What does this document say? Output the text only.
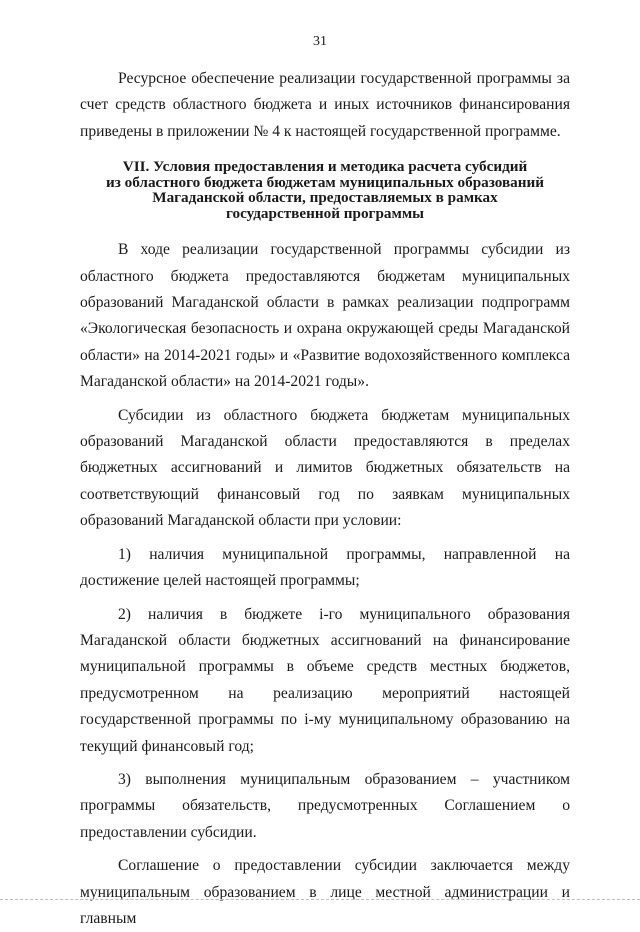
31

Ресурсное обеспечение реализации государственной программы за счет средств областного бюджета и иных источников финансирования приведены в приложении № 4 к настоящей государственной программе.

VII. Условия предоставления и методика расчета субсидий
из областного бюджета бюджетам муниципальных образований
Магаданской области, предоставляемых в рамках
государственной программы

В ходе реализации государственной программы субсидии из областного бюджета предоставляются бюджетам муниципальных образований Магаданской области в рамках реализации подпрограмм «Экологическая безопасность и охрана окружающей среды Магаданской области» на 2014-2021 годы» и «Развитие водохозяйственного комплекса Магаданской области» на 2014-2021 годы».

Субсидии из областного бюджета бюджетам муниципальных образований Магаданской области предоставляются в пределах бюджетных ассигнований и лимитов бюджетных обязательств на соответствующий финансовый год по заявкам муниципальных образований Магаданской области при условии:

1) наличия муниципальной программы, направленной на достижение целей настоящей программы;

2) наличия в бюджете i-го муниципального образования Магаданской области бюджетных ассигнований на финансирование муниципальной программы в объеме средств местных бюджетов, предусмотренном на реализацию мероприятий настоящей государственной программы по i-му муниципальному образованию на текущий финансовый год;

3) выполнения муниципальным образованием – участником программы обязательств, предусмотренных Соглашением о предоставлении субсидии.

Соглашение о предоставлении субсидии заключается между муниципальным образованием в лице местной администрации и главным
